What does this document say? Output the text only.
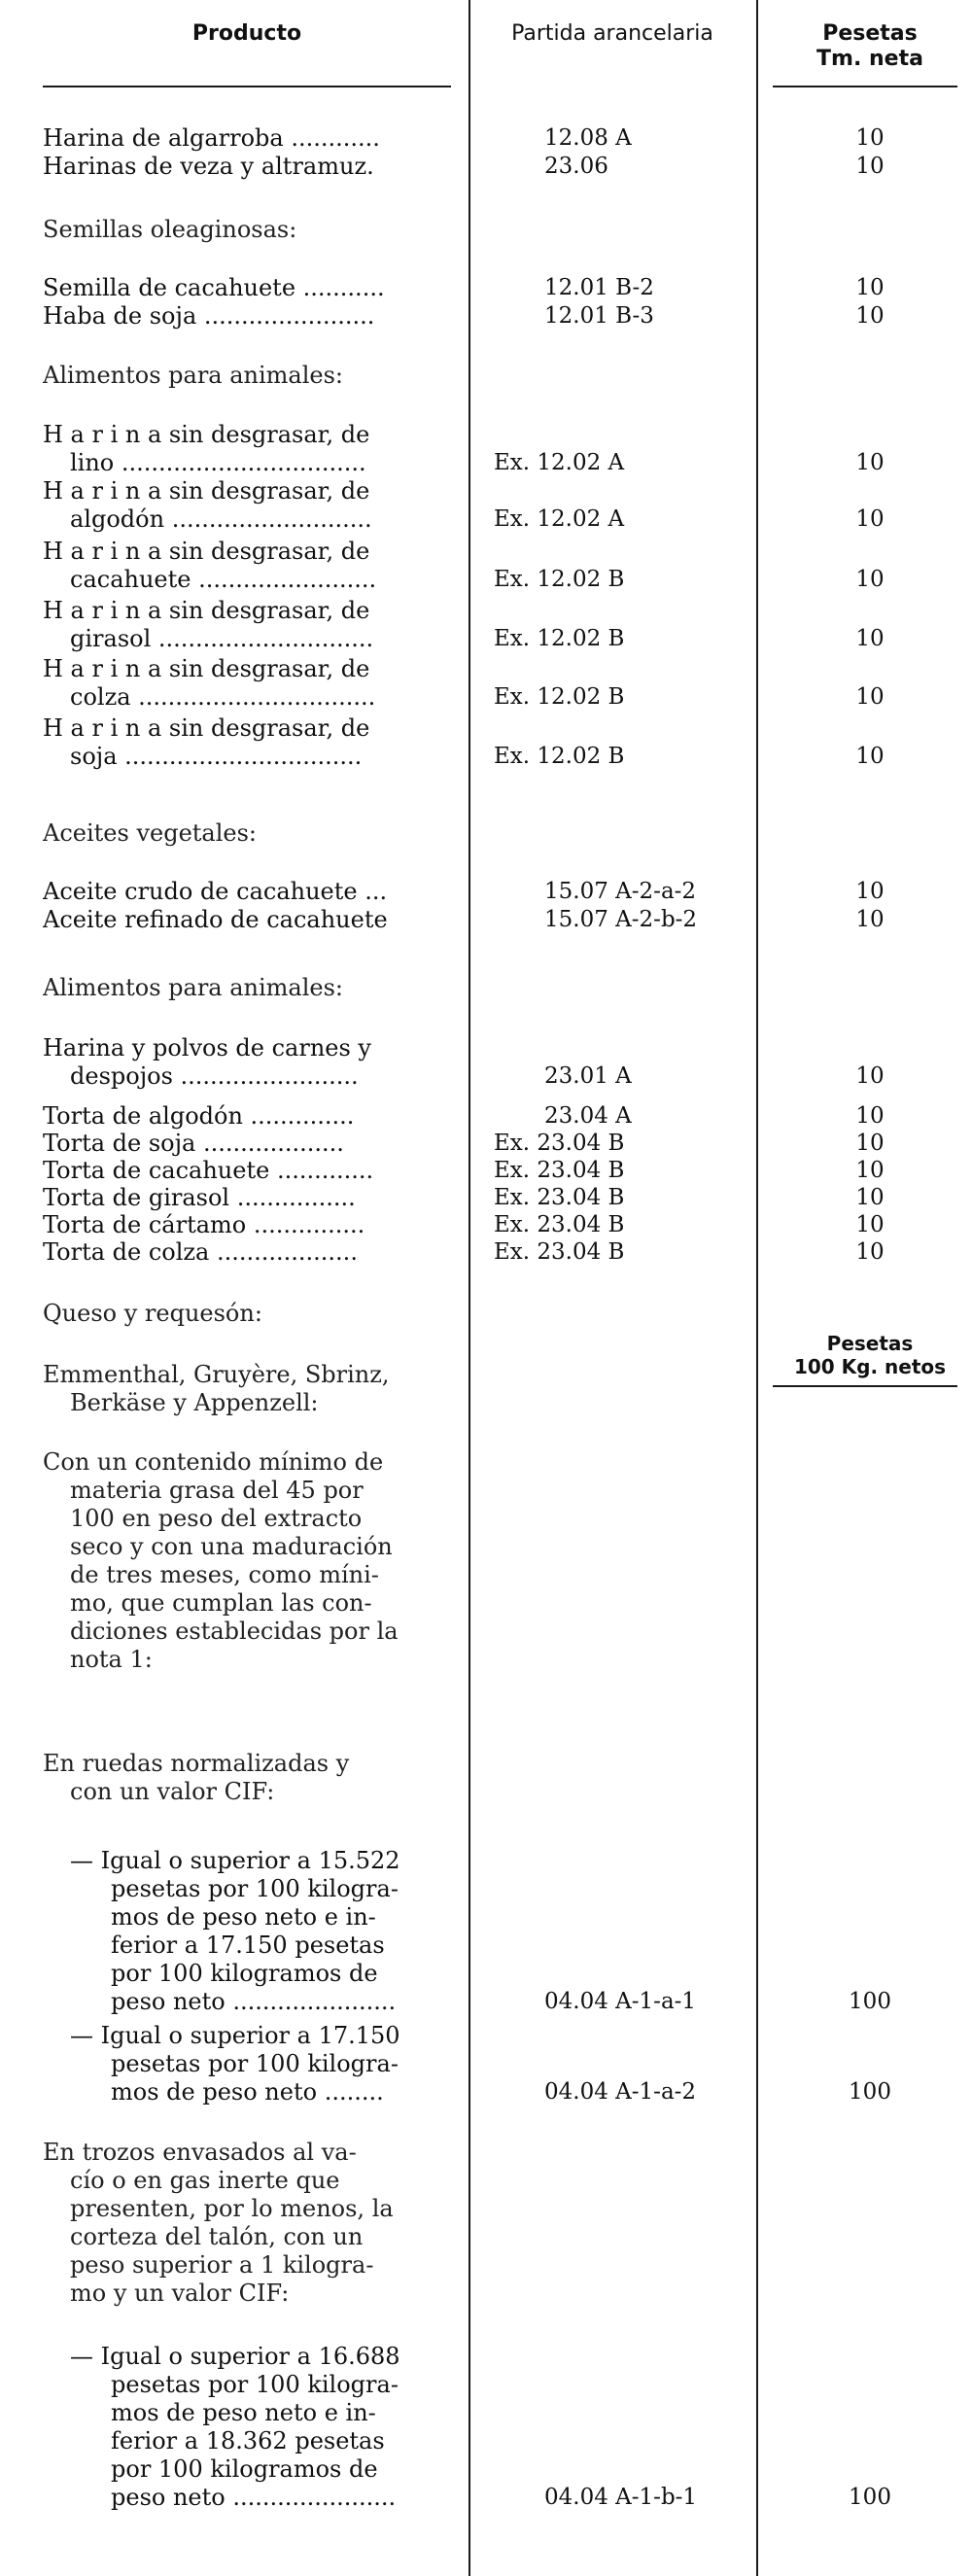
Producto	Partida arancelaria	Pesetas
Tm. neta
Pesetas
100 Kg. netos
Harina de algarroba ............	12.08 A	10
Harinas de veza y altramuz.	23.06	10
Semillas oleaginosas:
Semilla de cacahuete ...........	12.01 B-2	10
Haba de soja .......................	12.01 B-3	10
Alimentos para animales:
H a r i n a sin desgrasar, de
lino .................................	Ex. 12.02 A	10
H a r i n a sin desgrasar, de
algodón ...........................	Ex. 12.02 A	10
H a r i n a sin desgrasar, de
cacahuete ........................	Ex. 12.02 B	10
H a r i n a sin desgrasar, de
girasol .............................	Ex. 12.02 B	10
H a r i n a sin desgrasar, de
colza ................................	Ex. 12.02 B	10
H a r i n a sin desgrasar, de
soja ................................	Ex. 12.02 B	10
Aceites vegetales:
Aceite crudo de cacahuete ...	15.07 A-2-a-2	10
Aceite refinado de cacahuete	15.07 A-2-b-2	10
Alimentos para animales:
Harina y polvos de carnes y
despojos ........................	23.01 A	10
Torta de algodón ..............	23.04 A	10
Torta de soja ...................	Ex. 23.04 B	10
Torta de cacahuete .............	Ex. 23.04 B	10
Torta de girasol ................	Ex. 23.04 B	10
Torta de cártamo ...............	Ex. 23.04 B	10
Torta de colza ...................	Ex. 23.04 B	10
Queso y requesón:
Emmenthal, Gruyère, Sbrinz,
Berkäse y Appenzell:
Con un contenido mínimo de
materia grasa del 45 por
100 en peso del extracto
seco y con una maduración
de tres meses, como míni-
mo, que cumplan las con-
diciones establecidas por la
nota 1:
En ruedas normalizadas y
con un valor CIF:
— Igual o superior a 15.522
pesetas por 100 kilogra-
mos de peso neto e in-
ferior a 17.150 pesetas
por 100 kilogramos de
peso neto ......................	04.04 A-1-a-1	100
— Igual o superior a 17.150
pesetas por 100 kilogra-
mos de peso neto ........	04.04 A-1-a-2	100
En trozos envasados al va-
cío o en gas inerte que
presenten, por lo menos, la
corteza del talón, con un
peso superior a 1 kilogra-
mo y un valor CIF:
— Igual o superior a 16.688
pesetas por 100 kilogra-
mos de peso neto e in-
ferior a 18.362 pesetas
por 100 kilogramos de
peso neto ......................	04.04 A-1-b-1	100
